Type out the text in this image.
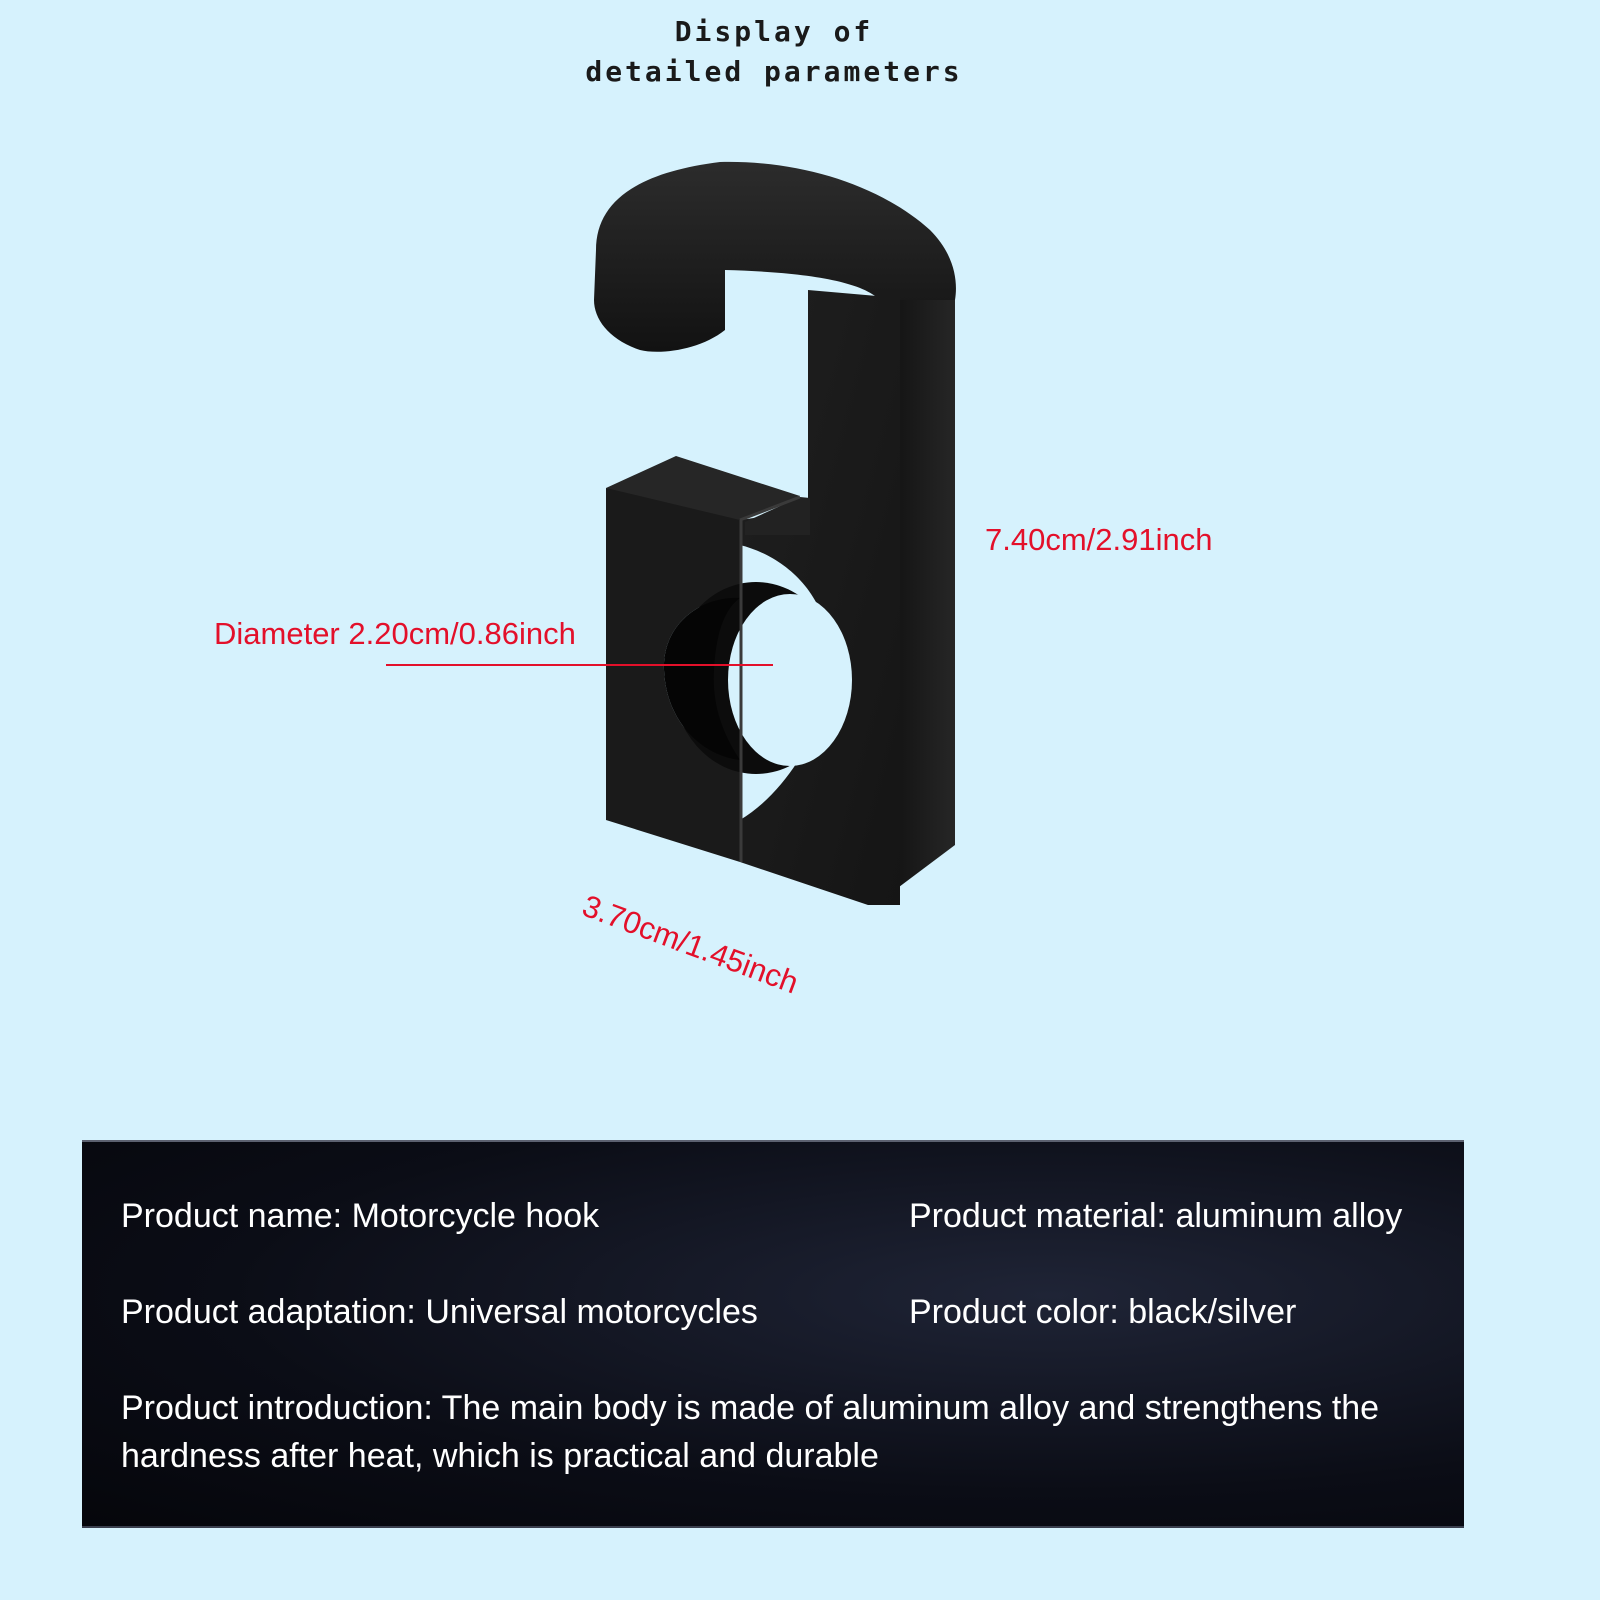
Display of
detailed parameters
7.40cm/2.91inch
Diameter 2.20cm/0.86inch
3.70cm/1.45inch
Product name: Motorcycle hook	Product material: aluminum alloy
Product adaptation: Universal motorcycles	Product color: black/silver
Product introduction: The main body is made of aluminum alloy and strengthens the hardness after heat, which is practical and durable
